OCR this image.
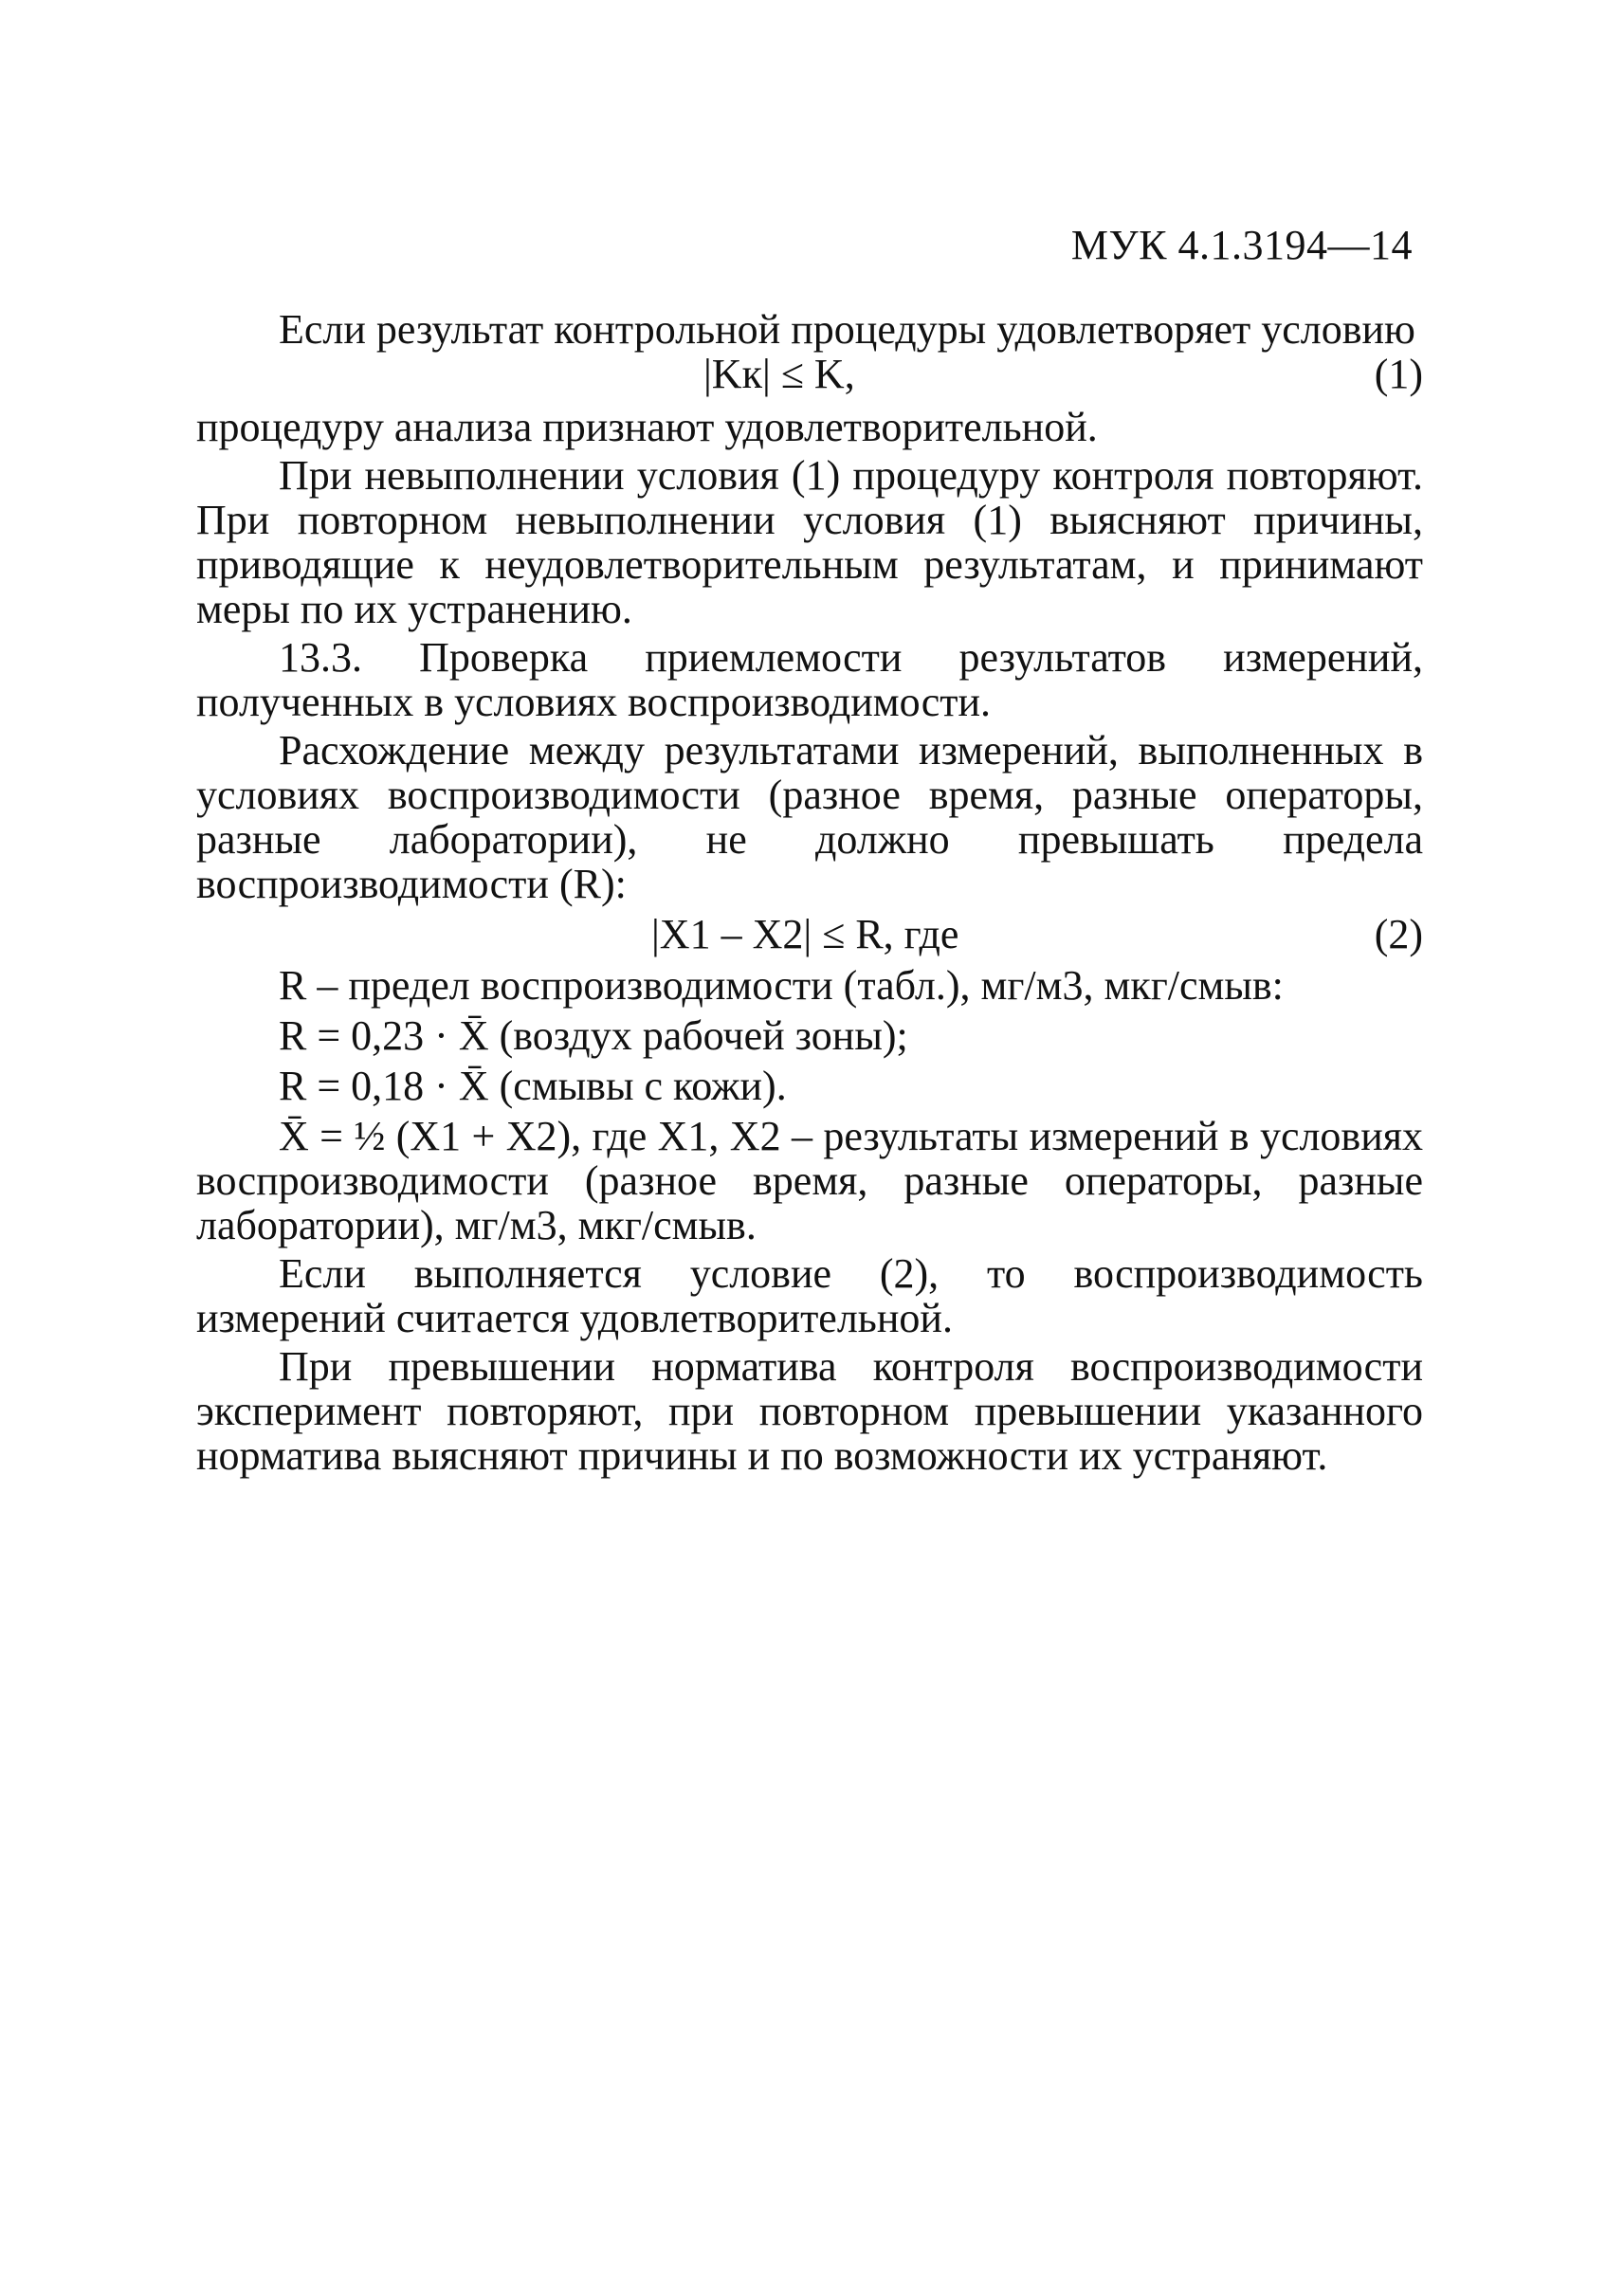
МУК 4.1.3194—14

Если результат контрольной процедуры удовлетворяет условию

|Kк| ≤ K,	(1)

процедуру анализа признают удовлетворительной.

При невыполнении условия (1) процедуру контроля повторяют. При повторном невыполнении условия (1) выясняют причины, приводящие к неудовлетворительным результатам, и принимают меры по их устранению.

13.3. Проверка приемлемости результатов измерений, полученных в условиях воспроизводимости.

Расхождение между результатами измерений, выполненных в условиях воспроизводимости (разное время, разные операторы, разные лаборатории), не должно превышать предела воспроизводимости (R):

|X1 – X2| ≤ R, где	(2)
R – предел воспроизводимости (табл.), мг/м3, мкг/смыв:
R = 0,23 · X̄ (воздух рабочей зоны);
R = 0,18 · X̄ (смывы с кожи).

X̄ = ½ (X1 + X2), где X1, X2 – результаты измерений в условиях воспроизводимости (разное время, разные операторы, разные лаборатории), мг/м3, мкг/смыв.

Если выполняется условие (2), то воспроизводимость измерений считается удовлетворительной.

При превышении норматива контроля воспроизводимости эксперимент повторяют, при повторном превышении указанного норматива выясняют причины и по возможности их устраняют.
